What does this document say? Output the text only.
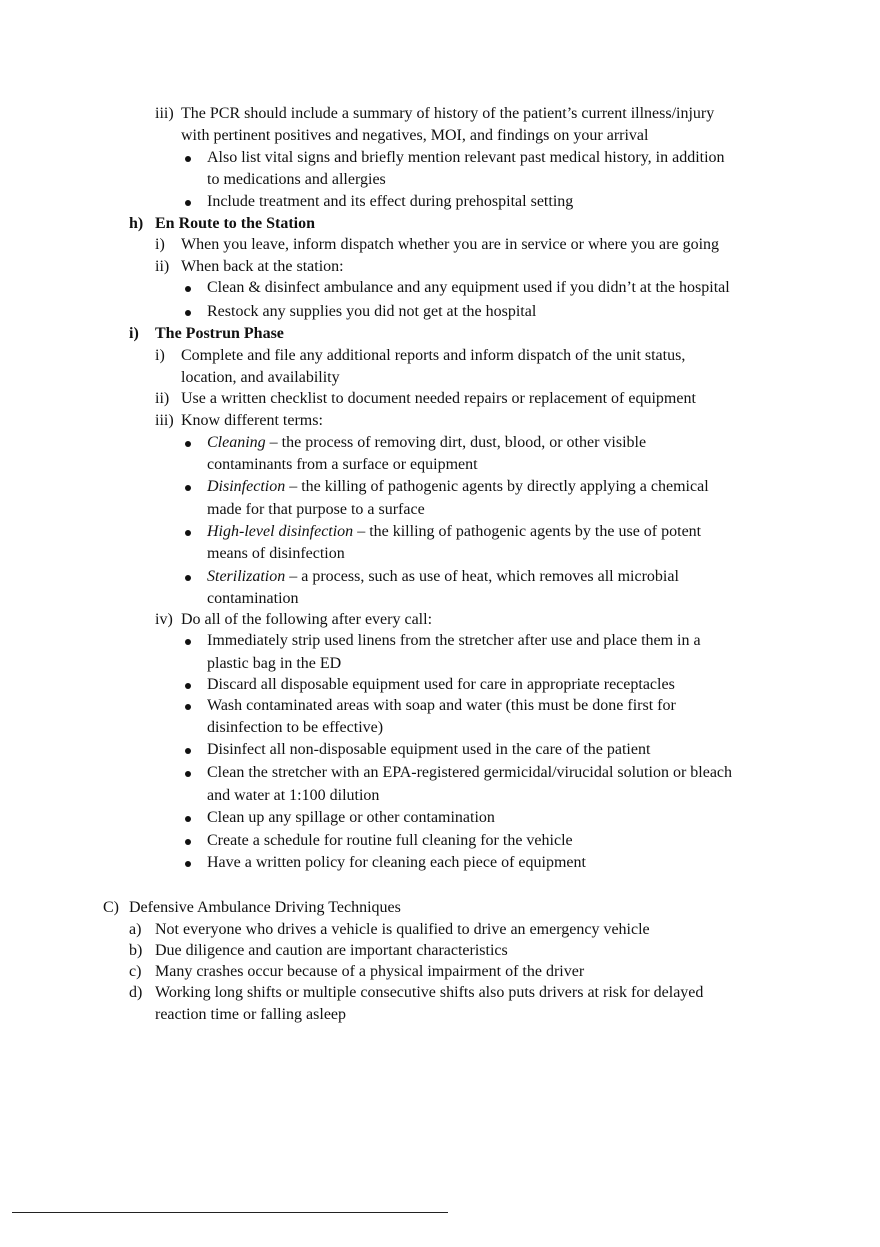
iii) The PCR should include a summary of history of the patient’s current illness/injury
with pertinent positives and negatives, MOI, and findings on your arrival
Also list vital signs and briefly mention relevant past medical history, in addition
to medications and allergies
Include treatment and its effect during prehospital setting
h) En Route to the Station
i) When you leave, inform dispatch whether you are in service or where you are going
ii) When back at the station:
Clean & disinfect ambulance and any equipment used if you didn’t at the hospital
Restock any supplies you did not get at the hospital
i) The Postrun Phase
i) Complete and file any additional reports and inform dispatch of the unit status,
location, and availability
ii) Use a written checklist to document needed repairs or replacement of equipment
iii) Know different terms:
Cleaning – the process of removing dirt, dust, blood, or other visible
contaminants from a surface or equipment
Disinfection – the killing of pathogenic agents by directly applying a chemical
made for that purpose to a surface
High-level disinfection – the killing of pathogenic agents by the use of potent
means of disinfection
Sterilization – a process, such as use of heat, which removes all microbial
contamination
iv) Do all of the following after every call:
Immediately strip used linens from the stretcher after use and place them in a
plastic bag in the ED
Discard all disposable equipment used for care in appropriate receptacles
Wash contaminated areas with soap and water (this must be done first for
disinfection to be effective)
Disinfect all non-disposable equipment used in the care of the patient
Clean the stretcher with an EPA-registered germicidal/virucidal solution or bleach
and water at 1:100 dilution
Clean up any spillage or other contamination
Create a schedule for routine full cleaning for the vehicle
Have a written policy for cleaning each piece of equipment
C) Defensive Ambulance Driving Techniques
a) Not everyone who drives a vehicle is qualified to drive an emergency vehicle
b) Due diligence and caution are important characteristics
c) Many crashes occur because of a physical impairment of the driver
d) Working long shifts or multiple consecutive shifts also puts drivers at risk for delayed
reaction time or falling asleep
